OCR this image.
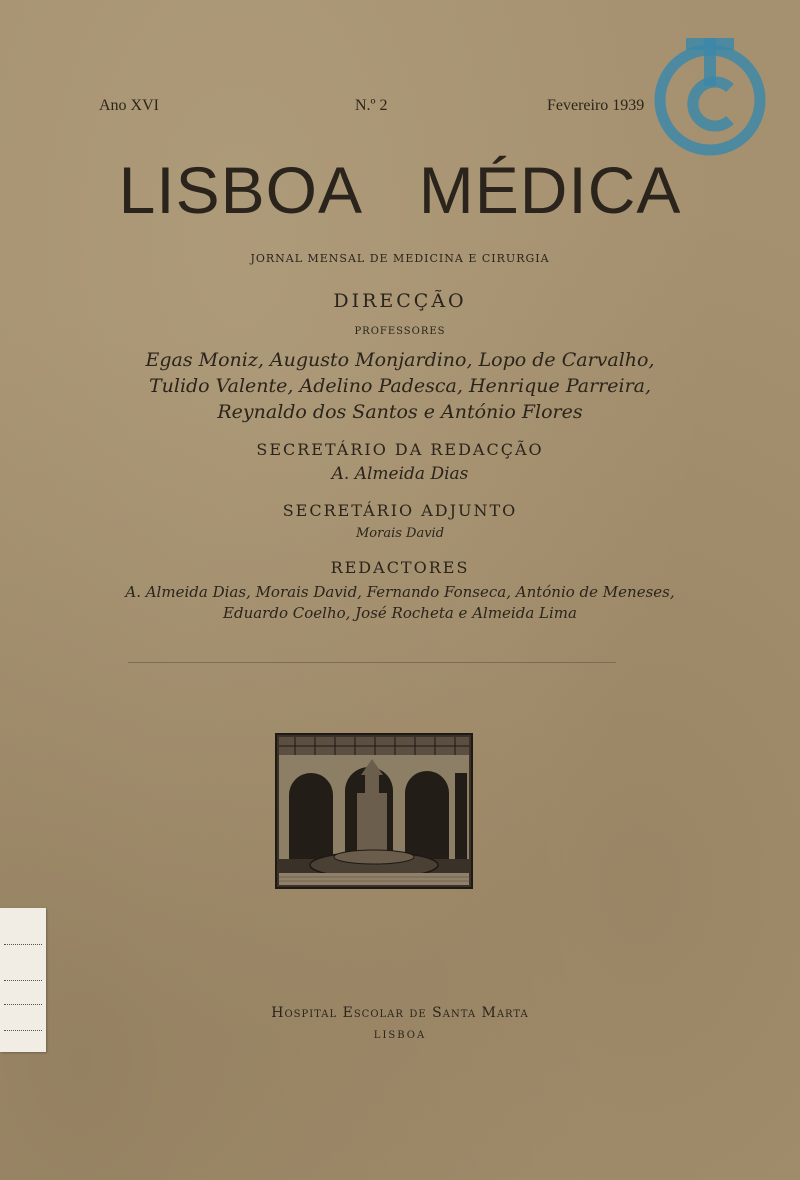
Ano XVI	N.º 2	Fevereiro 1939
LISBOA MÉDICA
JORNAL MENSAL DE MEDICINA E CIRURGIA
DIRECÇÃO
PROFESSORES
Egas Moniz, Augusto Monjardino, Lopo de Carvalho,
Tulido Valente, Adelino Padesca, Henrique Parreira,
Reynaldo dos Santos e António Flores
SECRETÁRIO DA REDACÇÃO
A. Almeida Dias
SECRETÁRIO ADJUNTO
Morais David
REDACTORES
A. Almeida Dias, Morais David, Fernando Fonseca, António de Meneses,
Eduardo Coelho, José Rocheta e Almeida Lima
Hospital Escolar de Santa Marta
LISBOA
